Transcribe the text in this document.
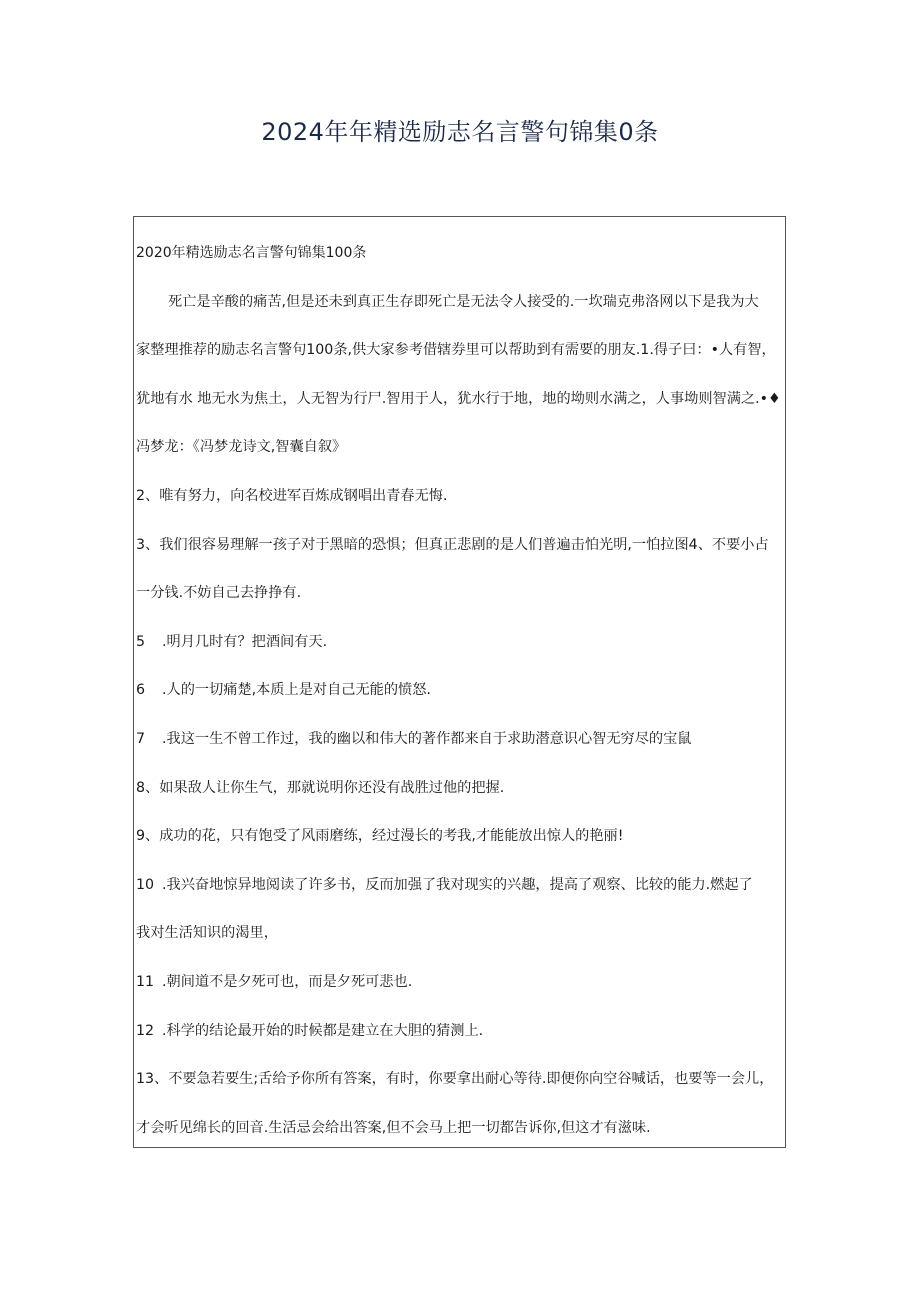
2024年年精选励志名言警句锦集0条
2020年精选励志名言警句锦集100条
死亡是辛酸的痛苦,但是还未到真正生存即死亡是无法令人接受的.一坎瑞克弗洛网以下是我为大
家整理推荐的励志名言警句100条,供大家参考借辖券里可以帮助到有需要的朋友.1.得子曰：•人有智，
犹地有水 地无水为焦土，人无智为行尸.智用于人，犹水行于地，地的坳则水满之，人事坳则智满之.•♦
冯梦龙：《冯梦龙诗文,智囊自叙》
2、唯有努力，向名校进军百炼成钢唱出青春无悔.
3、我们很容易理解一孩子对于黑暗的恐惧；但真正悲剧的是人们普遍击怕光明,一怕拉图4、不要小占
一分钱.不妨自己去挣挣有.
5 .明月几时有？把酒间有天.
6 .人的一切痛楚,本质上是对自己无能的愤怒.
7 .我这一生不曾工作过，我的幽以和伟大的著作都来自于求助潜意识心智无穷尽的宝鼠
8、如果敌人让你生气，那就说明你还没有战胜过他的把握.
9、成功的花，只有饱受了风雨磨练，经过漫长的考我,才能能放出惊人的艳丽!
10 .我兴奋地惊异地阅读了许多书，反而加强了我对现实的兴趣，提高了观察、比较的能力.燃起了
我对生活知识的渴里，
11 .朝间道不是夕死可也，而是夕死可悲也.
12 .科学的结论最开始的时候都是建立在大胆的猜测上.
13、不要急若要生;舌给予你所有答案，有时，你要拿出耐心等待.即便你向空谷喊话，也要等一会儿，
才会听见绵长的回音.生活忌会给出答案,但不会马上把一切都告诉你,但这才有滋味.
